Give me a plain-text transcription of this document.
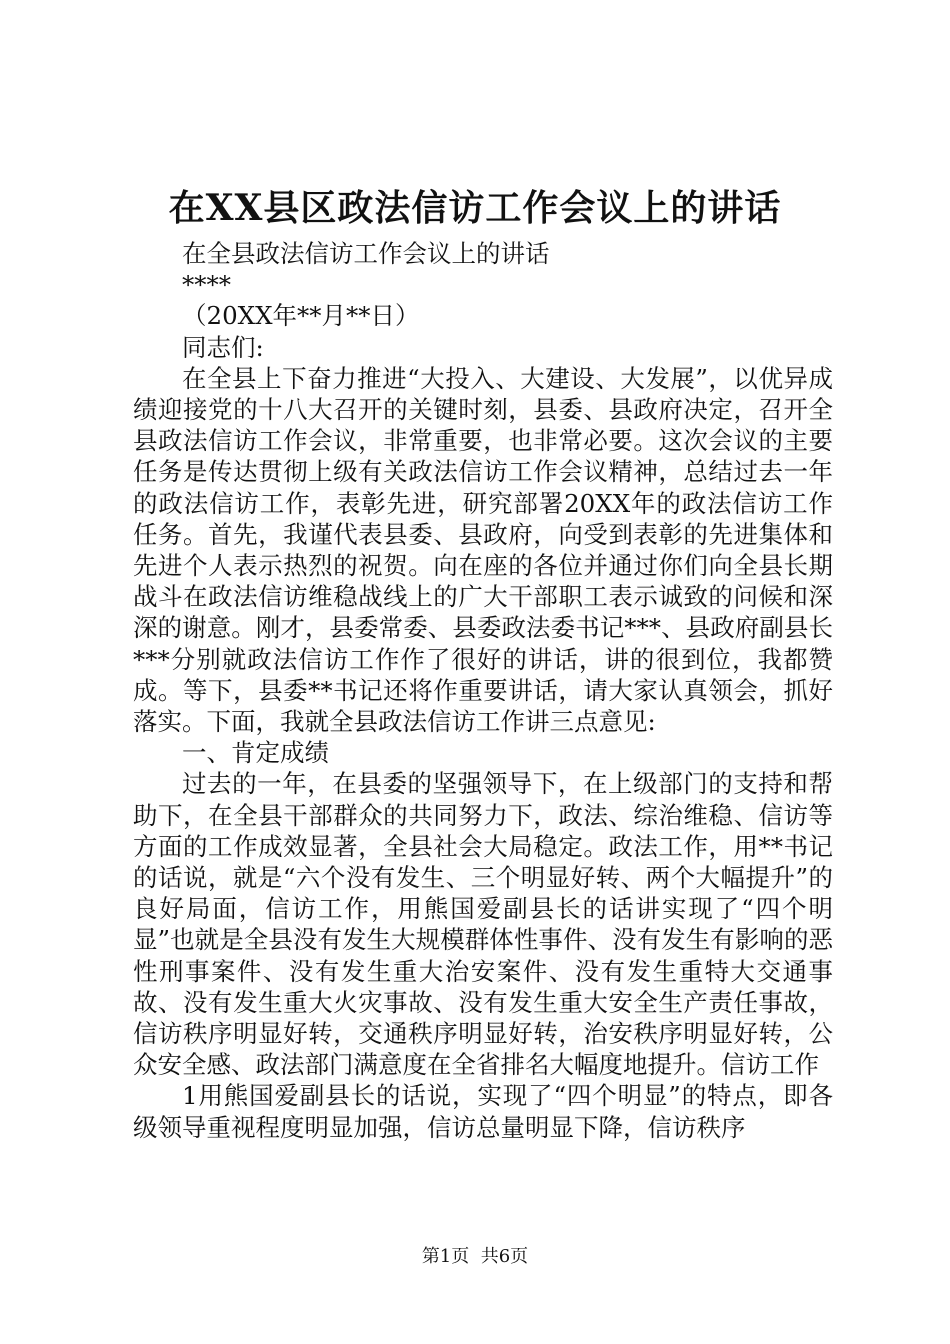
在XX县区政法信访工作会议上的讲话

在全县政法信访工作会议上的讲话

****

（20XX年**月**日）

同志们:

在全县上下奋力推进“大投入、大建设、大发展”，以优异成绩迎接党的十八大召开的关键时刻，县委、县政府决定，召开全县政法信访工作会议，非常重要，也非常必要。这次会议的主要任务是传达贯彻上级有关政法信访工作会议精神，总结过去一年的政法信访工作，表彰先进，研究部署20XX年的政法信访工作任务。首先，我谨代表县委、县政府，向受到表彰的先进集体和先进个人表示热烈的祝贺。向在座的各位并通过你们向全县长期战斗在政法信访维稳战线上的广大干部职工表示诚致的问候和深深的谢意。刚才，县委常委、县委政法委书记***、县政府副县长***分别就政法信访工作作了很好的讲话，讲的很到位，我都赞成。等下，县委**书记还将作重要讲话，请大家认真领会，抓好落实。下面，我就全县政法信访工作讲三点意见:

一、肯定成绩

过去的一年，在县委的坚强领导下，在上级部门的支持和帮助下，在全县干部群众的共同努力下，政法、综治维稳、信访等方面的工作成效显著，全县社会大局稳定。政法工作，用**书记的话说，就是“六个没有发生、三个明显好转、两个大幅提升”的良好局面，信访工作，用熊国爱副县长的话讲实现了“四个明显”也就是全县没有发生大规模群体性事件、没有发生有影响的恶性刑事案件、没有发生重大治安案件、没有发生重特大交通事故、没有发生重大火灾事故、没有发生重大安全生产责任事故，信访秩序明显好转，交通秩序明显好转，治安秩序明显好转，公众安全感、政法部门满意度在全省排名大幅度地提升。信访工作

1用熊国爱副县长的话说，实现了“四个明显”的特点，即各级领导重视程度明显加强，信访总量明显下降，信访秩序

第1页  共6页
